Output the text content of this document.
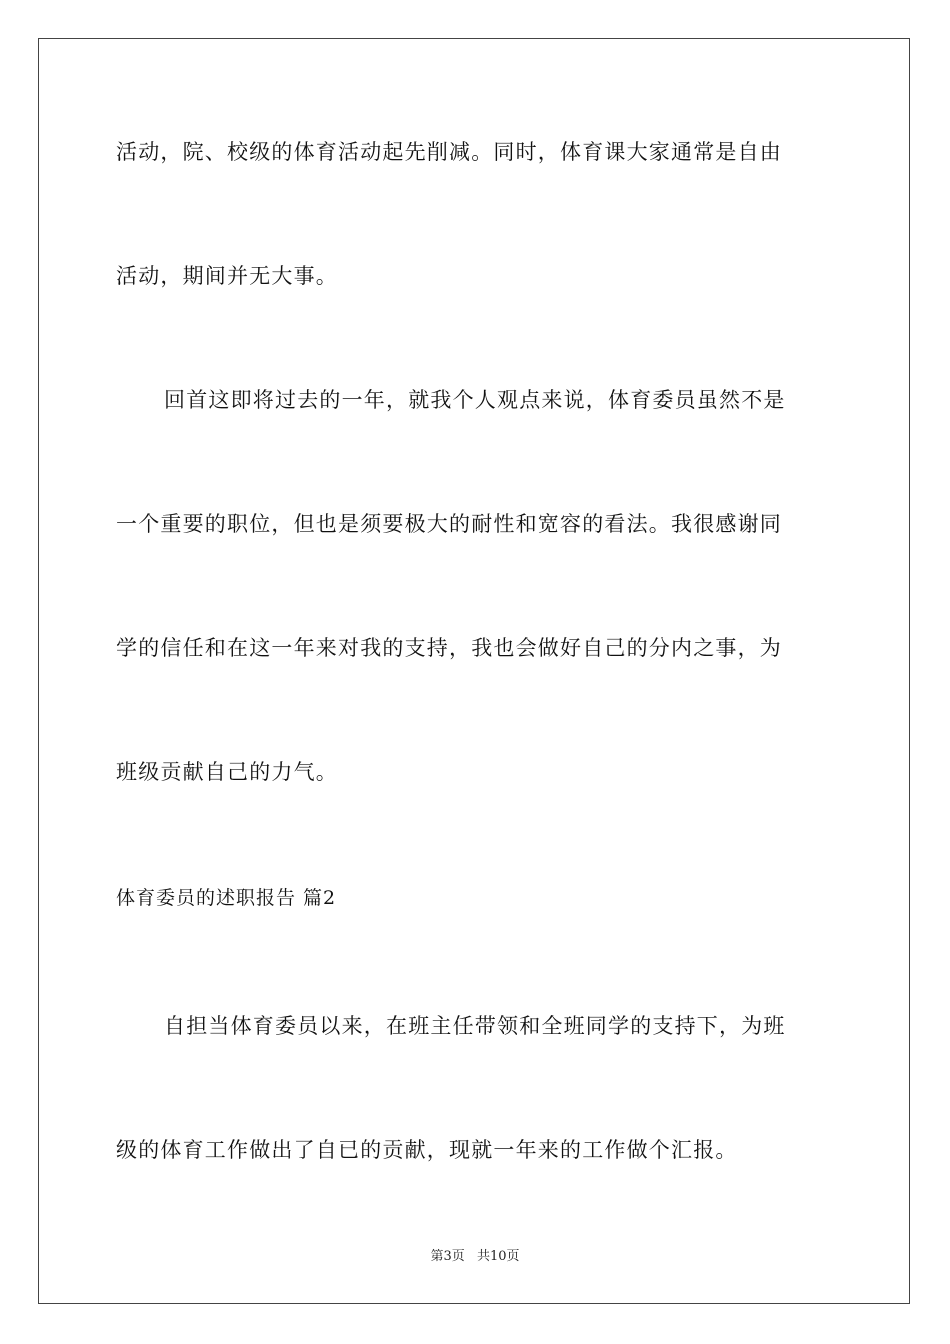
活动，院、校级的体育活动起先削减。同时，体育课大家通常是自由
活动，期间并无大事。
回首这即将过去的一年，就我个人观点来说，体育委员虽然不是
一个重要的职位，但也是须要极大的耐性和宽容的看法。我很感谢同
学的信任和在这一年来对我的支持，我也会做好自己的分内之事，为
班级贡献自己的力气。
体育委员的述职报告 篇2
自担当体育委员以来，在班主任带领和全班同学的支持下，为班
级的体育工作做出了自已的贡献，现就一年来的工作做个汇报。
第3页 共10页
